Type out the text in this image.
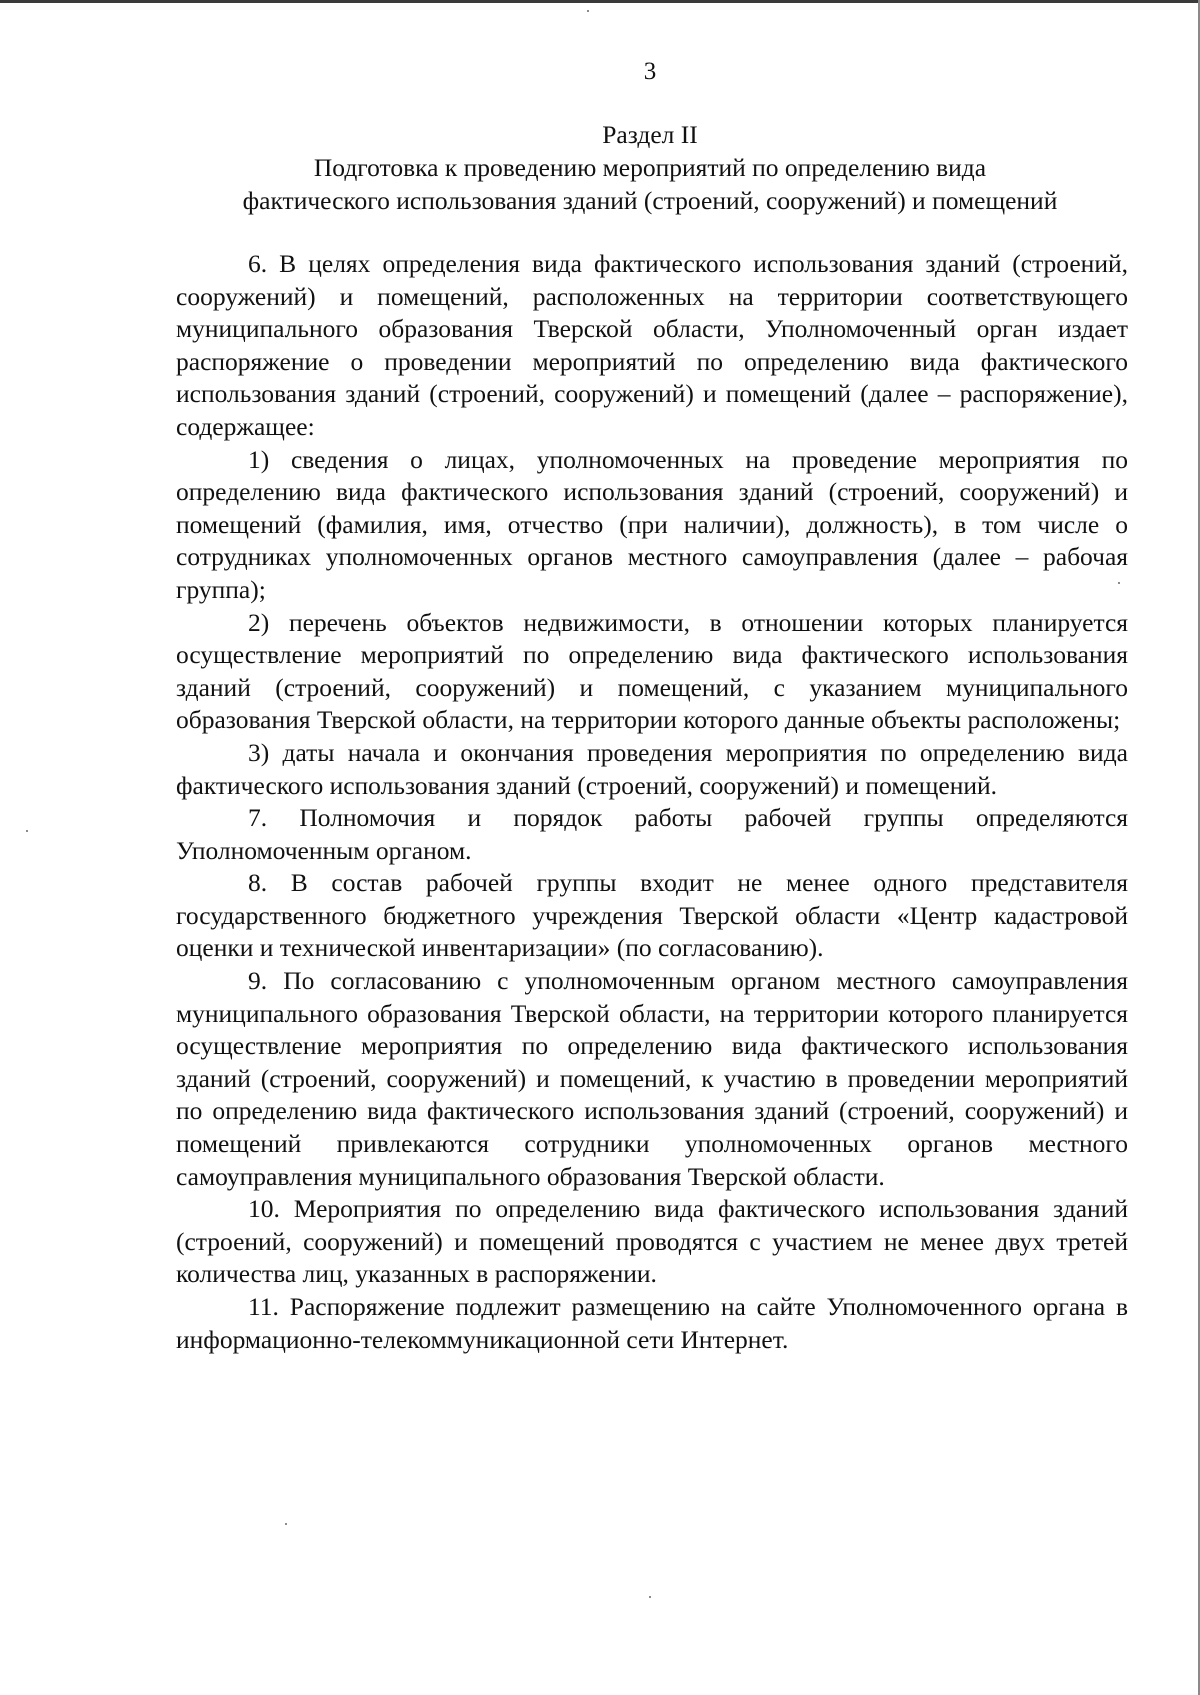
3
Раздел II
Подготовка к проведению мероприятий по определению вида
фактического использования зданий (строений, сооружений) и помещений

6. В целях определения вида фактического использования зданий (строений, сооружений) и помещений, расположенных на территории соответствующего муниципального образования Тверской области, Уполномоченный орган издает распоряжение о проведении мероприятий по определению вида фактического использования зданий (строений, сооружений) и помещений (далее – распоряжение), содержащее:

1) сведения о лицах, уполномоченных на проведение мероприятия по определению вида фактического использования зданий (строений, сооружений) и помещений (фамилия, имя, отчество (при наличии), должность), в том числе о сотрудниках уполномоченных органов местного самоуправления (далее – рабочая группа);

2) перечень объектов недвижимости, в отношении которых планируется осуществление мероприятий по определению вида фактического использования зданий (строений, сооружений) и помещений, с указанием муниципального образования Тверской области, на территории которого данные объекты расположены;

3) даты начала и окончания проведения мероприятия по определению вида фактического использования зданий (строений, сооружений) и помещений.

7. Полномочия и порядок работы рабочей группы определяются Уполномоченным органом.

8. В состав рабочей группы входит не менее одного представителя государственного бюджетного учреждения Тверской области «Центр кадастровой оценки и технической инвентаризации» (по согласованию).

9. По согласованию с уполномоченным органом местного самоуправления муниципального образования Тверской области, на территории которого планируется осуществление мероприятия по определению вида фактического использования зданий (строений, сооружений) и помещений, к участию в проведении мероприятий по определению вида фактического использования зданий (строений, сооружений) и помещений привлекаются сотрудники уполномоченных органов местного самоуправления муниципального образования Тверской области.

10. Мероприятия по определению вида фактического использования зданий (строений, сооружений) и помещений проводятся с участием не менее двух третей количества лиц, указанных в распоряжении.

11. Распоряжение подлежит размещению на сайте Уполномоченного органа в информационно-телекоммуникационной сети Интернет.
